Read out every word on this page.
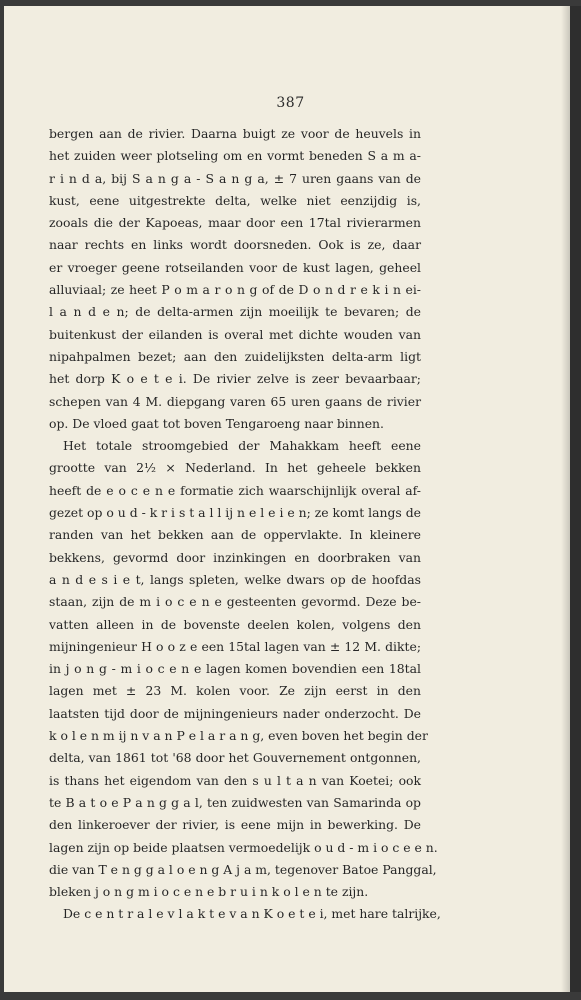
387
bergen aan de rivier. Daarna buigt ze voor de heuvels in
het zuiden weer plotseling om en vormt beneden S a m a-
r i n d a, bij S a n g a - S a n g a, ± 7 uren gaans van de
kust, eene uitgestrekte delta, welke niet eenzijdig is,
zooals die der Kapoeas, maar door een 17tal rivierarmen
naar rechts en links wordt doorsneden. Ook is ze, daar
er vroeger geene rotseilanden voor de kust lagen, geheel
alluviaal; ze heet P o m a r o n g of de D o n d r e k i n ei-
l a n d e n; de delta-armen zijn moeilijk te bevaren; de
buitenkust der eilanden is overal met dichte wouden van
nipahpalmen bezet; aan den zuidelijksten delta-arm ligt
het dorp K o e t e i. De rivier zelve is zeer bevaarbaar;
schepen van 4 M. diepgang varen 65 uren gaans de rivier
op. De vloed gaat tot boven Tengaroeng naar binnen.
Het totale stroomgebied der Mahakkam heeft eene
grootte van 2½ × Nederland. In het geheele bekken
heeft de e o c e n e formatie zich waarschijnlijk overal af-
gezet op o u d - k r i s t a l l ij n e l e i e n; ze komt langs de
randen van het bekken aan de oppervlakte. In kleinere
bekkens, gevormd door inzinkingen en doorbraken van
a n d e s i e t, langs spleten, welke dwars op de hoofdas
staan, zijn de m i o c e n e gesteenten gevormd. Deze be-
vatten alleen in de bovenste deelen kolen, volgens den
mijningenieur H o o z e een 15tal lagen van ± 12 M. dikte;
in j o n g - m i o c e n e lagen komen bovendien een 18tal
lagen met ± 23 M. kolen voor. Ze zijn eerst in den
laatsten tijd door de mijningenieurs nader onderzocht. De
k o l e n m ij n v a n P e l a r a n g, even boven het begin der
delta, van 1861 tot '68 door het Gouvernement ontgonnen,
is thans het eigendom van den s u l t a n van Koetei; ook
te B a t o e P a n g g a l, ten zuidwesten van Samarinda op
den linkeroever der rivier, is eene mijn in bewerking. De
lagen zijn op beide plaatsen vermoedelijk o u d - m i o c e e n.
die van T e n g g a l o e n g A j a m, tegenover Batoe Panggal,
bleken j o n g m i o c e n e b r u i n k o l e n te zijn.
De c e n t r a l e v l a k t e v a n K o e t e i, met hare talrijke,
